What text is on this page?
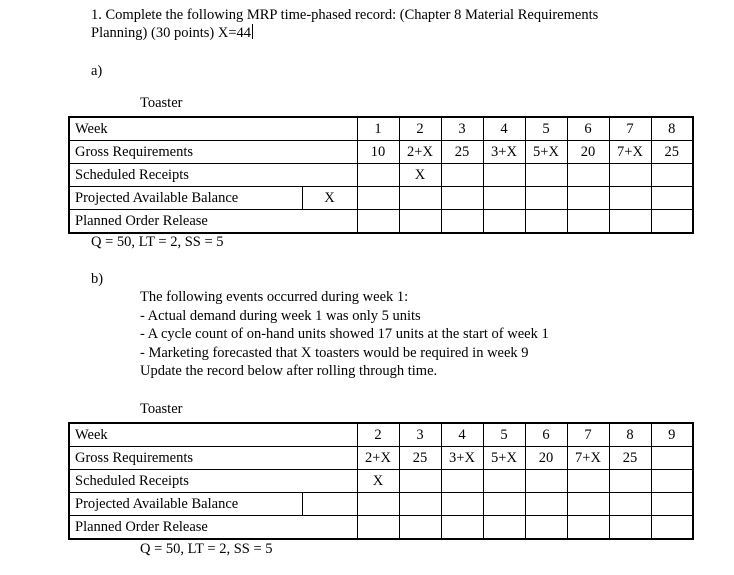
1. Complete the following MRP time-phased record: (Chapter 8 Material Requirements
Planning) (30 points) X=44
a)
Toaster
Week		1	2	3	4	5	6	7	8
Gross Requirements		10	2+X	25	3+X	5+X	20	7+X	25
Scheduled Receipts			X						
Projected Available Balance	X								
Planned Order Release									
Q = 50, LT = 2, SS = 5
b)
The following events occurred during week 1:
- Actual demand during week 1 was only 5 units
- A cycle count of on-hand units showed 17 units at the start of week 1
- Marketing forecasted that X toasters would be required in week 9
Update the record below after rolling through time.
Toaster
Week		2	3	4	5	6	7	8	9
Gross Requirements		2+X	25	3+X	5+X	20	7+X	25	
Scheduled Receipts		X							
Projected Available Balance									
Planned Order Release									
Q = 50, LT = 2, SS = 5
